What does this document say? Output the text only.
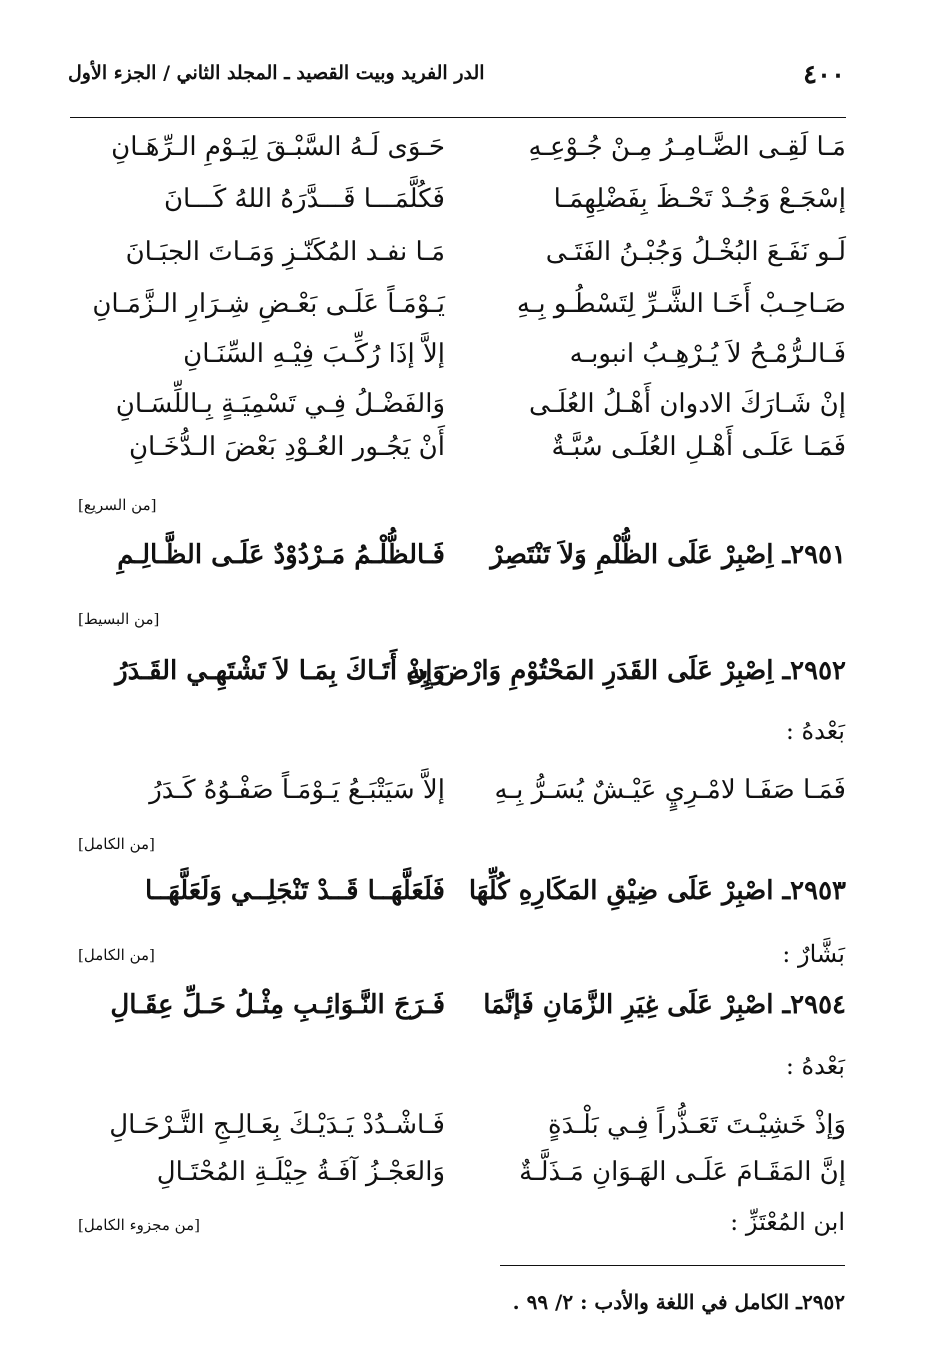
٤٠٠
الدر الفريد وبيت القصيد ـ المجلد الثاني / الجزء الأول
مَـا لَقِـى الضَّـامِـرُ مِـنْ جُـوْعِـهِ
حَـوَى لَـهُ السَّبْـقَ لِيَـوْمِ الـرِّهَـانِ
إسْجَـعْ وَجُـدْ تَحْـظَ بِفَضْلِهِمَـا
فَكُلَّمَـــا قَـــدَّرَهُ اللهُ كَـــانَ
لَـو نَفَـعَ البُخْـلُ وَجُبْـنُ الفَتَـى
مَـا نفـد المُكَنّـزِ وَمَـاتَ الجبَـانَ
صَـاحِـبْ أَخَـا الشَّـرِّ لِتَسْطُـو بِـهِ
يَـوْمَـاً عَلَـى بَعْـضِ شِـرَارِ الـزَّمَـانِ
فَـالـرُّمْـحُ لاَ يُـرْهِـبُ انبوبـه
إلاَّ إذَا رُكِّـبَ فِيْـهِ السِّنَـانِ
إنْ شَـارَكَ الادوان أَهْـلُ العُلَـى
وَالفَضْـلُ فِـي تَسْمِيَـةٍ بِـاللِّسَـانِ
فَمَـا عَلَـى أَهْـلِ العُلَـى سُبَّـةٌ
أَنْ يَجُـور العُـوْدِ بَعْضَ الـدُّخَـانِ
[من السريع]
٢٩٥١ـ اِصْبِرْ عَلَى الظُّلْمِ وَلاَ تَنْتَصِرْ
فَـالظُّلْـمُ مَـرْدُوْدٌ عَلَـى الظَّـالِـمِ
[من البسيط]
٢٩٥٢ـ اِصْبِرْ عَلَى القَدَرِ المَحْتُوْمِ وَارْضَ بِهِ
وَإِنْ أَتَـاكَ بِمَـا لاَ تَشْتَهِـي القَـدَرُ
بَعْدهُ :
فَمَـا صَفَـا لامْـرِيٍ عَيْـشٌ يُسَـرُّ بِـهِ
إلاَّ سَيَتْبَـعُ يَـوْمَـاً صَفْـوُهُ كَـدَرُ
[من الكامل]
٢٩٥٣ـ اصْبِرْ عَلَى ضِيْقِ المَكَارِهِ كُلِّهَا
فَلَعَلَّهَــا قَــدْ تَنْجَلِــي وَلَعَلَّهَــا
بَشَّارٌ :
[من الكامل]
٢٩٥٤ـ اصْبِرْ عَلَى غِيَرِ الزَّمَانِ فَإنَّمَا
فَـرَجَ النَّـوَائِـبِ مِثْـلُ حَـلِّ عِقَـالِ
بَعْدهُ :
وَإذْ خَشِيْـتَ تَعَـذُّراً فِـي بَلْـدَةٍ
فَـاشْـدُدْ يَـدَيْـكَ بِعَـالِـجِ التَّـرْحَـالِ
إنَّ المَقَـامَ عَلَـى الهَـوَانِ مَـذَلَّـةٌ
وَالعَجْـزُ آفَـةُ حِيْلَـةِ المُحْتَـالِ
ابن المُعْتَزِّ :
[من مجزوء الكامل]
٢٩٥٢ـ الكامل في اللغة والأدب : ٢/ ٩٩ .
